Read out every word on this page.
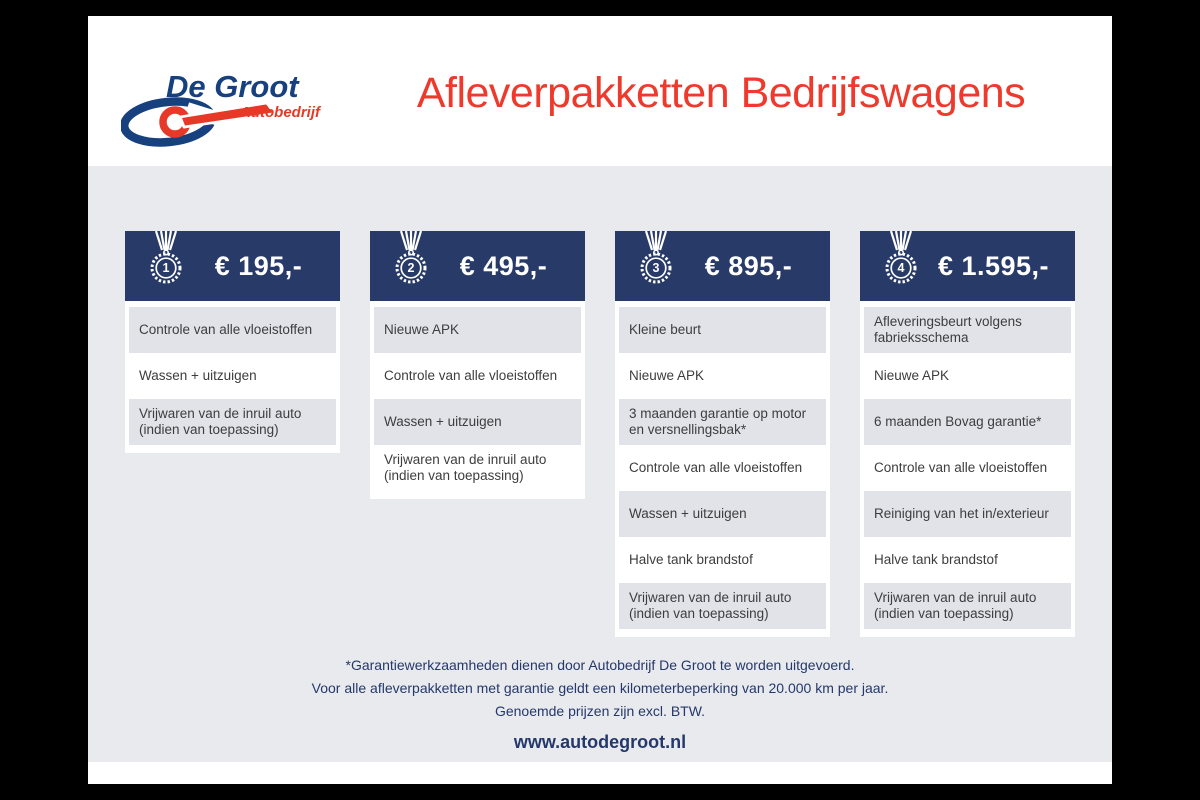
De Groot
Autobedrijf	Afleverpakketten Bedrijfswagens
1	€ 195,-
Controle van alle vloeistoffen
Wassen + uitzuigen
Vrijwaren van de inruil auto (indien van toepassing)
2	€ 495,-
Nieuwe APK
Controle van alle vloeistoffen
Wassen + uitzuigen
Vrijwaren van de inruil auto (indien van toepassing)
3	€ 895,-
Kleine beurt
Nieuwe APK
3 maanden garantie op motor en versnellingsbak*
Controle van alle vloeistoffen
Wassen + uitzuigen
Halve tank brandstof
Vrijwaren van de inruil auto (indien van toepassing)
4	€ 1.595,-
Afleveringsbeurt volgens fabrieksschema
Nieuwe APK
6 maanden Bovag garantie*
Controle van alle vloeistoffen
Reiniging van het in/exterieur
Halve tank brandstof
Vrijwaren van de inruil auto (indien van toepassing)
*Garantiewerkzaamheden dienen door Autobedrijf De Groot te worden uitgevoerd.
Voor alle afleverpakketten met garantie geldt een kilometerbeperking van 20.000 km per jaar.
Genoemde prijzen zijn excl. BTW.
www.autodegroot.nl
